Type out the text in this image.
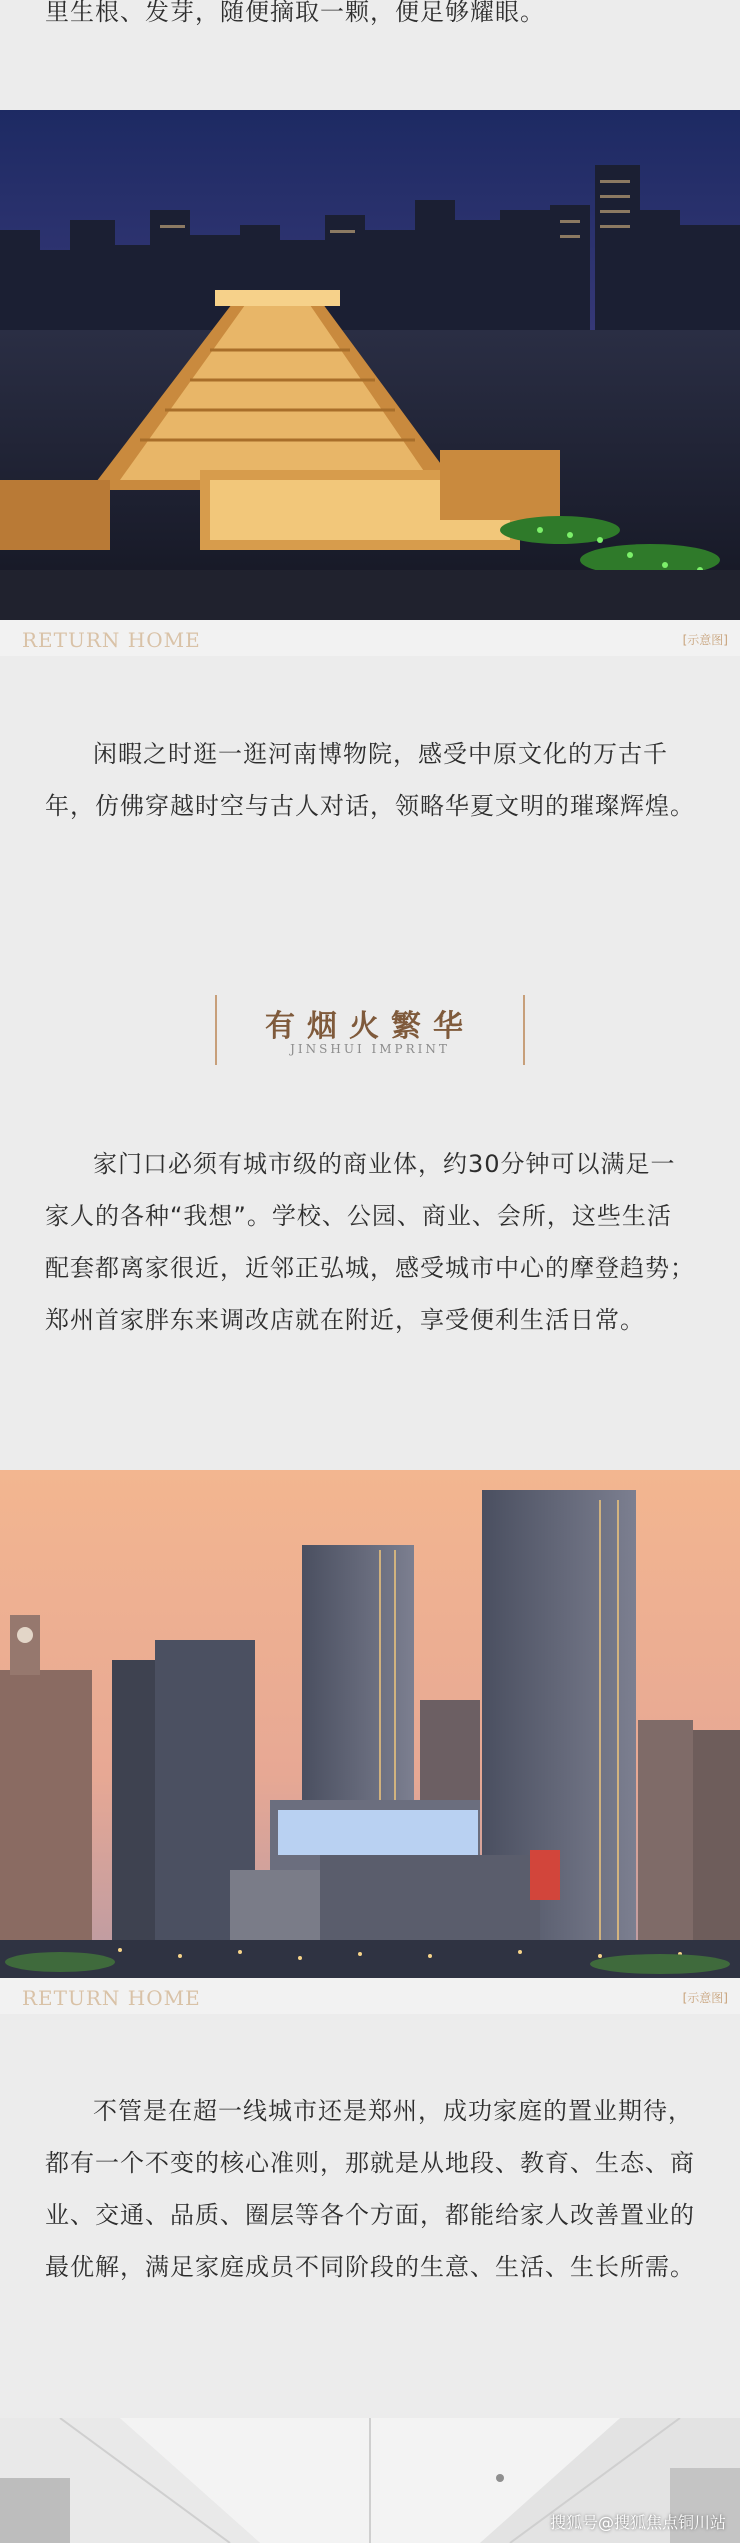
里生根、发芽，随便摘取一颗，便足够耀眼。
RETURN HOME	[示意图]
闲暇之时逛一逛河南博物院，感受中原文化的万古千年，仿佛穿越时空与古人对话，领略华夏文明的璀璨辉煌。
有烟火繁华
JINSHUI IMPRINT
家门口必须有城市级的商业体，约30分钟可以满足一家人的各种“我想”。学校、公园、商业、会所，这些生活配套都离家很近，近邻正弘城，感受城市中心的摩登趋势；郑州首家胖东来调改店就在附近，享受便利生活日常。
RETURN HOME	[示意图]
不管是在超一线城市还是郑州，成功家庭的置业期待，都有一个不变的核心准则，那就是从地段、教育、生态、商业、交通、品质、圈层等各个方面，都能给家人改善置业的最优解，满足家庭成员不同阶段的生意、生活、生长所需。
搜狐号@搜狐焦点铜川站
